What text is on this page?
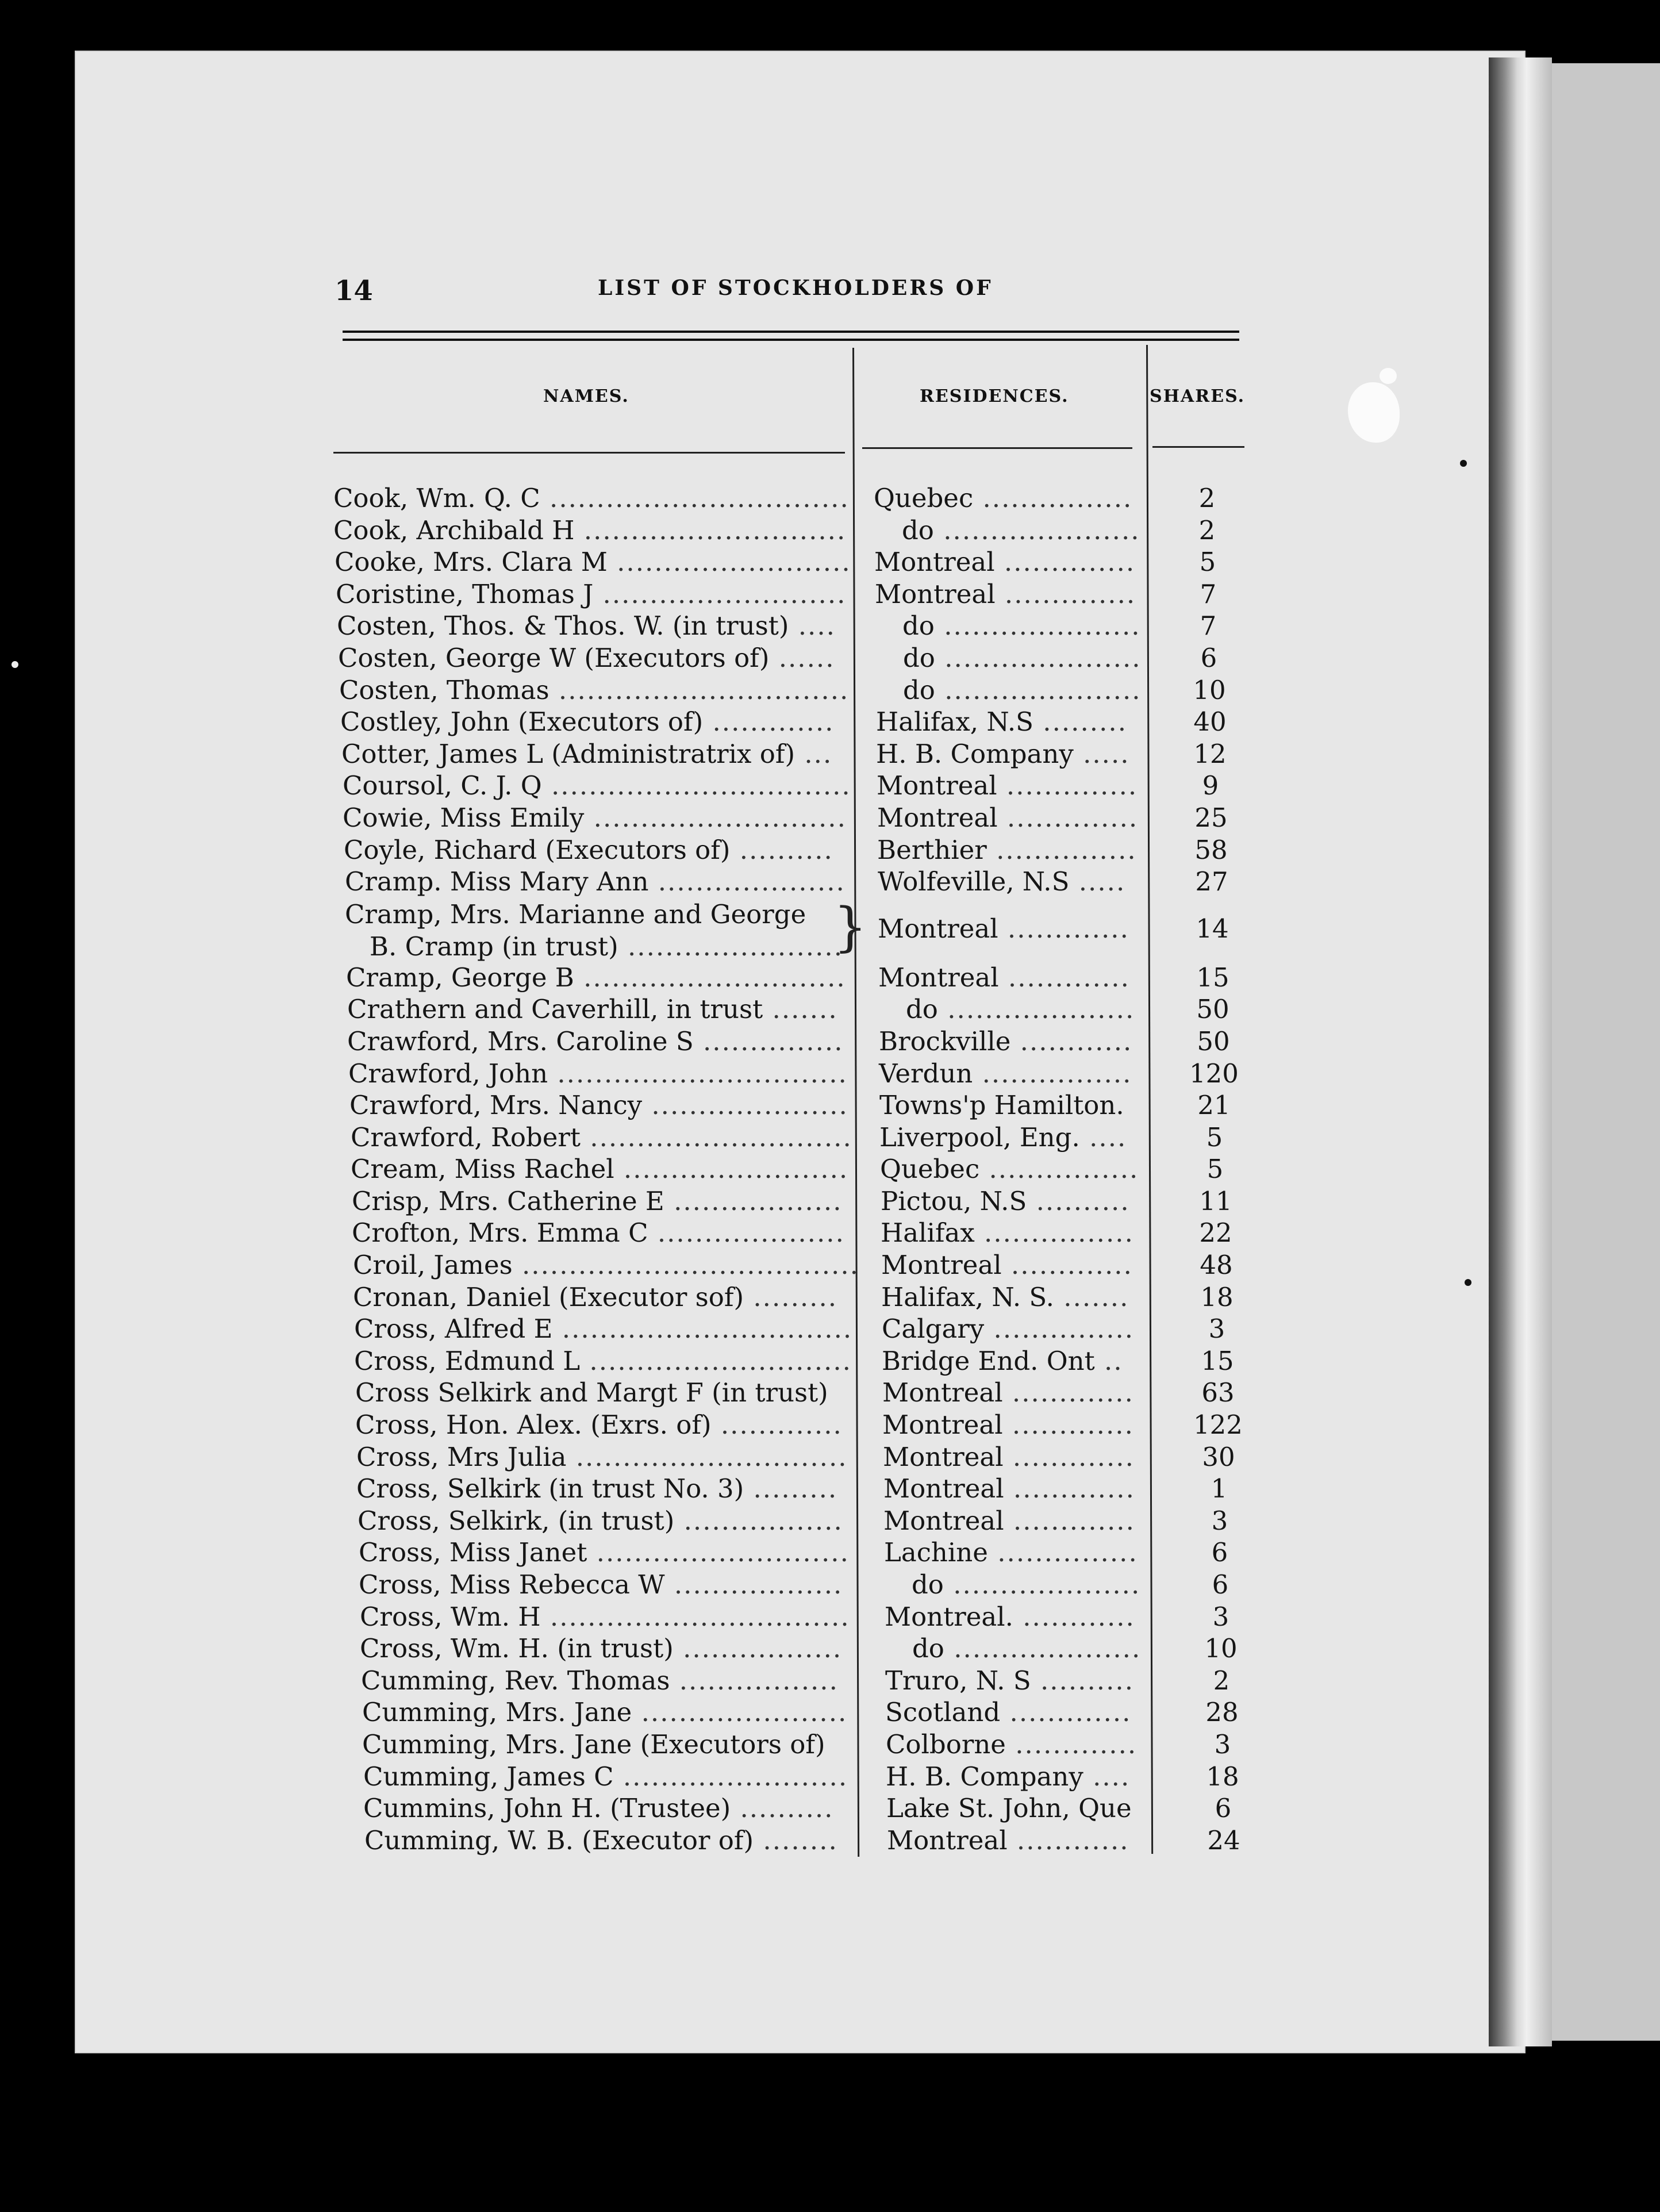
14	LIST OF STOCKHOLDERS OF
NAMES.	RESIDENCES.	SHARES.
Cook, Wm. Q. C ................................ Quebec ................	2
Cook, Archibald H ............................ do .....................	2
Cooke, Mrs. Clara M ......................... Montreal ..............	5
Coristine, Thomas J .......................... Montreal ..............	7
Costen, Thos. & Thos. W. (in trust) ....	do .....................	7
Costen, George W (Executors of) ......	do .....................	6
Costen, Thomas ............................... do .....................	10
Costley, John (Executors of) ............. Halifax, N.S .........	40
Cotter, James L (Administratrix of) ... H. B. Company .....	12
Coursol, C. J. Q ................................ Montreal ..............	9
Cowie, Miss Emily ........................... Montreal ..............	25
Coyle, Richard (Executors of) .......... Berthier ...............	58
Cramp. Miss Mary Ann .................... Wolfeville, N.S .....	27
Cramp, Mrs. Marianne and George
B. Cramp (in trust) .......................
} Montreal .............	14
Cramp, George B ............................ Montreal .............	15
Crathern and Caverhill, in trust .......	do ....................	50
Crawford, Mrs. Caroline S ............... Brockville ............	50
Crawford, John ............................... Verdun ................ 120
Crawford, Mrs. Nancy ..................... Towns'p Hamilton.	21
Crawford, Robert ............................ Liverpool, Eng. ....	5
Cream, Miss Rachel ........................ Quebec ................	5
Crisp, Mrs. Catherine E .................. Pictou, N.S ..........	11
Crofton, Mrs. Emma C .................... Halifax ................	22
Croil, James .................................... Montreal .............	48
Cronan, Daniel (Executor sof) ......... Halifax, N. S. .......	18
Cross, Alfred E ............................... Calgary ...............	3
Cross, Edmund L ............................ Bridge End. Ont ..	15
Cross Selkirk and Margt F (in trust) Montreal .............	63
Cross, Hon. Alex. (Exrs. of) ............. Montreal ............. 122
Cross, Mrs Julia ............................. Montreal .............	30
Cross, Selkirk (in trust No. 3) ......... Montreal .............	1
Cross, Selkirk, (in trust) ................. Montreal .............	3
Cross, Miss Janet ........................... Lachine ...............	6
Cross, Miss Rebecca W ..................	do ....................	6
Cross, Wm. H ................................ Montreal. ............	3
Cross, Wm. H. (in trust) .................	do ....................	10
Cumming, Rev. Thomas ................. Truro, N. S ..........	2
Cumming, Mrs. Jane ...................... Scotland .............	28
Cumming, Mrs. Jane (Executors of) Colborne .............	3
Cumming, James C ........................ H. B. Company ....	18
Cummins, John H. (Trustee) .......... Lake St. John, Que	6
Cumming, W. B. (Executor of) ........ Montreal ............	24
